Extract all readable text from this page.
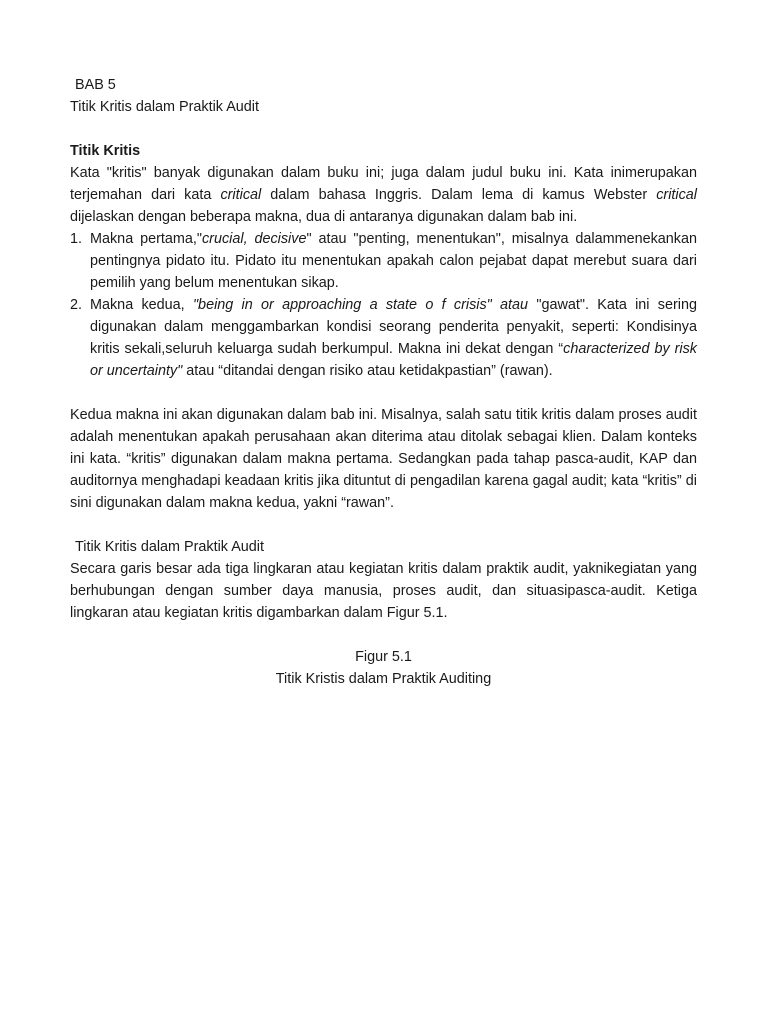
BAB 5
Titik Kritis dalam Praktik Audit
Titik Kritis

Kata "kritis" banyak digunakan dalam buku ini; juga dalam judul buku ini. Kata inimerupakan terjemahan dari kata critical dalam bahasa Inggris. Dalam lema di kamus Webster critical dijelaskan dengan beberapa makna, dua di antaranya digunakan dalam bab ini.

1. Makna pertama,"crucial, decisive" atau "penting, menentukan", misalnya dalammenekankan pentingnya pidato itu. Pidato itu menentukan apakah calon pejabat dapat merebut suara dari pemilih yang belum menentukan sikap.
2. Makna kedua, "being in or approaching a state o f crisis" atau "gawat". Kata ini sering digunakan dalam menggambarkan kondisi seorang penderita penyakit, seperti: Kondisinya kritis sekali,seluruh keluarga sudah berkumpul. Makna ini dekat dengan “characterized by risk or uncertainty" atau “ditandai dengan risiko atau ketidakpastian” (rawan).

Kedua makna ini akan digunakan dalam bab ini. Misalnya, salah satu titik kritis dalam proses audit adalah menentukan apakah perusahaan akan diterima atau ditolak sebagai klien. Dalam konteks ini kata. “kritis” digunakan dalam makna pertama. Sedangkan pada tahap pasca-audit, KAP dan auditornya menghadapi keadaan kritis jika dituntut di pengadilan karena gagal audit; kata “kritis” di sini digunakan dalam makna kedua, yakni “rawan”.

Titik Kritis dalam Praktik Audit

Secara garis besar ada tiga lingkaran atau kegiatan kritis dalam praktik audit, yaknikegiatan yang berhubungan dengan sumber daya manusia, proses audit, dan situasipasca-audit. Ketiga lingkaran atau kegiatan kritis digambarkan dalam Figur 5.1.

Figur 5.1
Titik Kristis dalam Praktik Auditing
